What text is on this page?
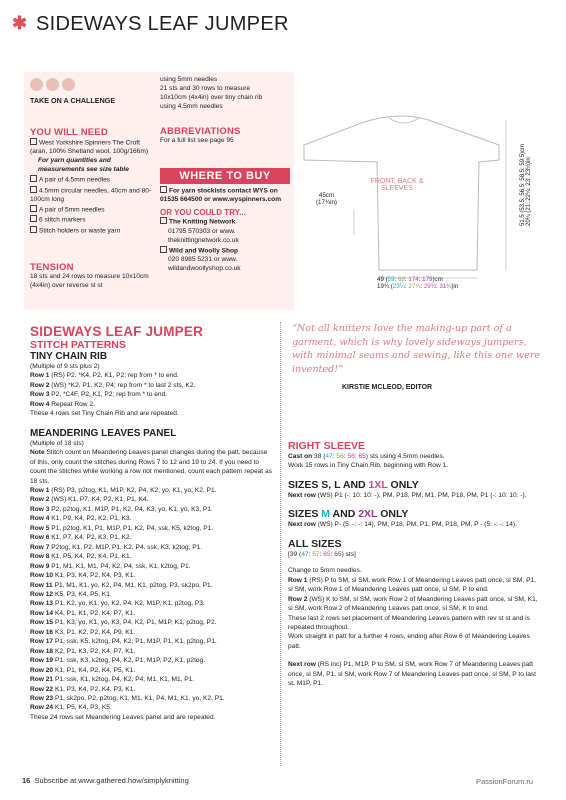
✱ SIDEWAYS LEAF JUMPER
TAKE ON A CHALLENGE
using 5mm needles
21 sts and 30 rows to measure
10x10cm (4x4in) over tiny chain rib
using 4.5mm needles
YOU WILL NEED
West Yorkshire Spinners The Croft (aran, 100% Shetland wool, 100g/166m)
For yarn quantities and measurements see size table
A pair of 4.5mm needles
4.5mm circular needles, 40cm and 80-100cm long
A pair of 5mm needles
6 stitch markers
Stitch holders or waste yarn
TENSION
18 sts and 24 rows to measure 10x10cm (4x4in) over reverse st st
ABBREVIATIONS
For a full list see page 95
WHERE TO BUY
For yarn stockists contact WYS on 01535 664500 or www.wyspinners.com
OR YOU COULD TRY...
The Knitting Network
01795 570303 or www. theknittingnetwork.co.uk
Wild and Woolly Shop
020 8985 5231 or www. wildandwoollyshop.co.uk
FRONT, BACK &
SLEEVES
45cm
(17¾in)
49 (59: 69: 174: 179)cm
19¾ (23¼: 27¼: 29¾: 31¼)in
51.5 (53.5: 56.5: 58.5: 59.5)cm 20¼ (21: 22¼: 23: 23½)in
SIDEWAYS LEAF JUMPER
STITCH PATTERNS
TINY CHAIN RIB
(Multiple of 9 sts plus 2)
Row 1 (RS) P2. *K4, P2, K1, P2; rep from * to end.
Row 2 (WS) *K2, P1, K2, P4; rep from * to last 2 sts, K2.
Row 3 P2, *C4F, P2, K1, P2; rep from * to end.
Row 4 Repeat Row 2.
These 4 rows set Tiny Chain Rib and are repeated.
MEANDERING LEAVES PANEL
(Multiple of 18 sts)
Note Stitch count on Meandering Leaves panel changes during the patt, because of this, only count the stitches during Rows 7 to 12 and 19 to 24. If you need to count the stitches while working a row not mentioned, count each pattern repeat as 18 sts.
Row 1 (RS) P3, p2tog, K1, M1P, K2, P4, K2, yo, K1, yo, K2, P1.
Row 2 (WS) K1, P7, K4, P2, K1, P1, K4.
Row 3 P2, p2tog, K1, M1P, P1, K2, P4, K3, yo, K1, yo, K3, P1.
Row 4 K1, P9, K4, P2, K2, P1, K3.
Row 5 P1, p2tog, K1, P1, M1P, P1, K2, P4, ssk, K5, k2tog, P1.
Row 6 K1, P7, K4, P2, K3, P1, K2.
Row 7 P2tog, K1, P2, M1P, P1, K2, P4, ssk, K3, k2tog, P1.
Row 8 K1, P5, K4, P2, K4, P1, K1.
Row 9 P1, M1, K1, M1, P4, K2, P4, ssk, K1, k2tog, P1.
Row 10 K1, P3, K4, P2, K4, P3, K1.
Row 11 P1, M1, K1, yo, K2, P4, M1, K1, p2tog, P3, sk2po, P1.
Row 12 K5, P3, K4, P5, K1.
Row 13 P1, K2, yo, K1, yo, K2, P4, K2, M1P, K1, p2tog, P3.
Row 14 K4, P1, K1, P2, K4, P7, K1.
Row 15 P1, K3, yo, K1, yo, K3, P4, K2, P1, M1P, K1, p2tog, P2.
Row 16 K3, P1, K2, P2, K4, P9, K1.
Row 17 P1, ssk, K5, k2tog, P4, K2, P1, M1P, P1, K1, p2tog, P1.
Row 18 K2, P1, K3, P2, K4, P7, K1.
Row 19 P1, ssk, K3, k2tog, P4, K2, P1, M1P, P2, K1, p2tog.
Row 20 K1, P1, K4, P2, K4, P5, K1.
Row 21 P1, ssk, K1, k2tog, P4, K2, P4, M1, K1, M1, P1.
Row 22 K1, P3, K4, P2, K4, P3, K1.
Row 23 P1, sk2po, P2, p2tog, K1, M1, K1, P4, M1, K1, yo, K2, P1.
Row 24 K1, P5, K4, P3, K5.
These 24 rows set Meandering Leaves panel and are repeated.
“Not all knitters love the making-up part of a garment, which is why lovely sideways jumpers, with minimal seams and sewing, like this one were invented!”
KIRSTIE MCLEOD, EDITOR
RIGHT SLEEVE
Cast on 38 (47: 56: 56: 65) sts using 4.5mm needles.
Work 15 rows in Tiny Chain Rib, beginning with Row 1.
SIZES S, L AND 1XL ONLY
Next row (WS) P1 (-: 10: 10: -), PM, P18, PM, M1, PM, P18, PM, P1 (-: 10: 10: -).
SIZES M AND 2XL ONLY
Next row (WS) P- (5: -: -: 14), PM, P18, PM, P1, PM, P18, PM, P - (5: -: -: 14).
ALL SIZES
[39 (47: 57: 65: 65) sts]
Change to 5mm needles.
Row 1 (RS) P to SM, sl SM, work Row 1 of Meandering Leaves patt once, sl SM, P1, sl SM, work Row 1 of Meandering Leaves patt once, sl SM, P to end.
Row 2 (WS) K to SM, sl SM, work Row 2 of Meandering Leaves patt once, sl SM, K1, sl SM, work Row 2 of Meandering Leaves patt once, sl SM, K to end.
These last 2 rows set placement of Meandering Leaves pattern with rev st st and is repeated throughout.
Work straight in patt for a further 4 rows, ending after Row 6 of Meandering Leaves patt.
Next row (RS inc) P1, M1P, P to SM, sl SM, work Row 7 of Meandering Leaves patt once, sl SM, P1, sl SM, work Row 7 of Meandering Leaves patt once, sl SM, P to last st, M1P, P1.
16 Subscribe at www.gathered.how/simplyknitting	PassionForum.ru
